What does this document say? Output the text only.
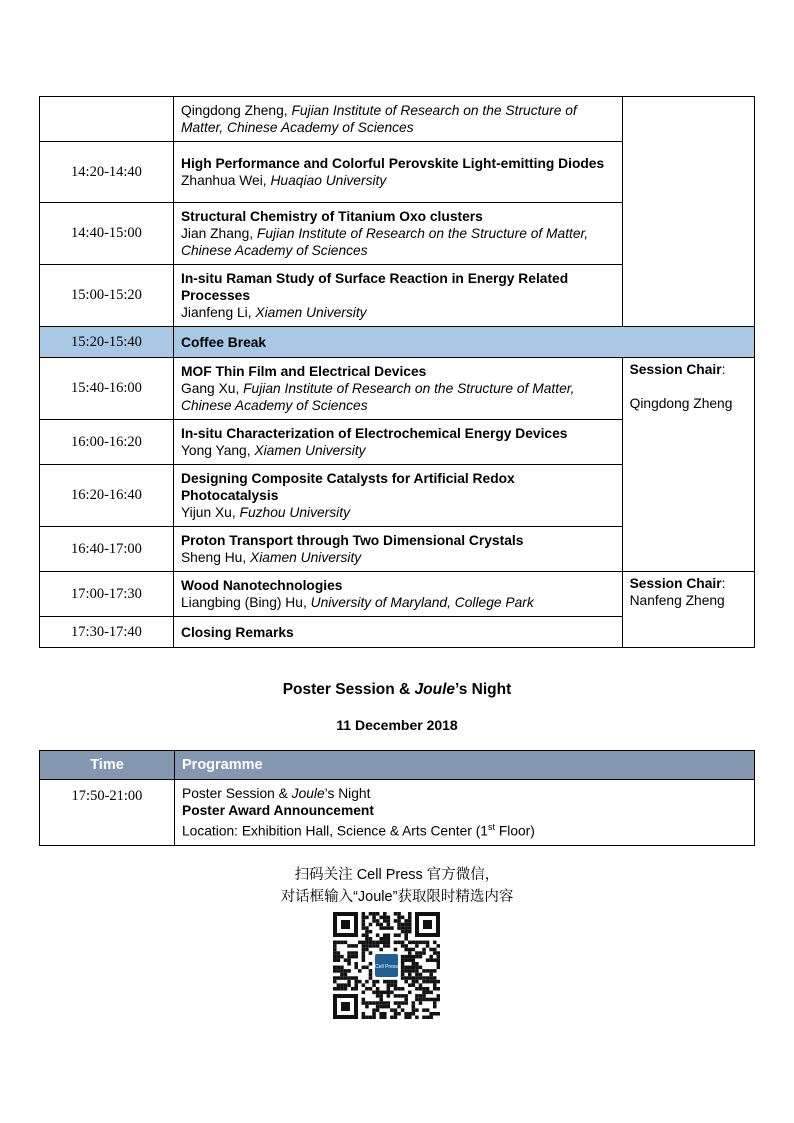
	Qingdong Zheng, Fujian Institute of Research on the Structure of Matter, Chinese Academy of Sciences	
14:20-14:40	High Performance and Colorful Perovskite Light-emitting Diodes
Zhanhua Wei, Huaqiao University	
14:40-15:00	Structural Chemistry of Titanium Oxo clusters
Jian Zhang, Fujian Institute of Research on the Structure of Matter, Chinese Academy of Sciences	
15:00-15:20	In-situ Raman Study of Surface Reaction in Energy Related Processes
Jianfeng Li, Xiamen University	
15:20-15:40	Coffee Break	
15:40-16:00	MOF Thin Film and Electrical Devices
Gang Xu, Fujian Institute of Research on the Structure of Matter, Chinese Academy of Sciences	Session Chair:

Qingdong Zheng
16:00-16:20	In-situ Characterization of Electrochemical Energy Devices
Yong Yang, Xiamen University	
16:20-16:40	Designing Composite Catalysts for Artificial Redox Photocatalysis
Yijun Xu, Fuzhou University	
16:40-17:00	Proton Transport through Two Dimensional Crystals
Sheng Hu, Xiamen University	
17:00-17:30	Wood Nanotechnologies
Liangbing (Bing) Hu, University of Maryland, College Park	Session Chair:
Nanfeng Zheng
17:30-17:40	Closing Remarks	
Poster Session & Joule’s Night
11 December 2018
Time	Programme
17:50-21:00	Poster Session & Joule’s Night
Poster Award Announcement
Location: Exhibition Hall, Science & Arts Center (1st Floor)
扫码关注 Cell Press 官方微信，
对话框输入“Joule”获取限时精选内容
Cell Press
